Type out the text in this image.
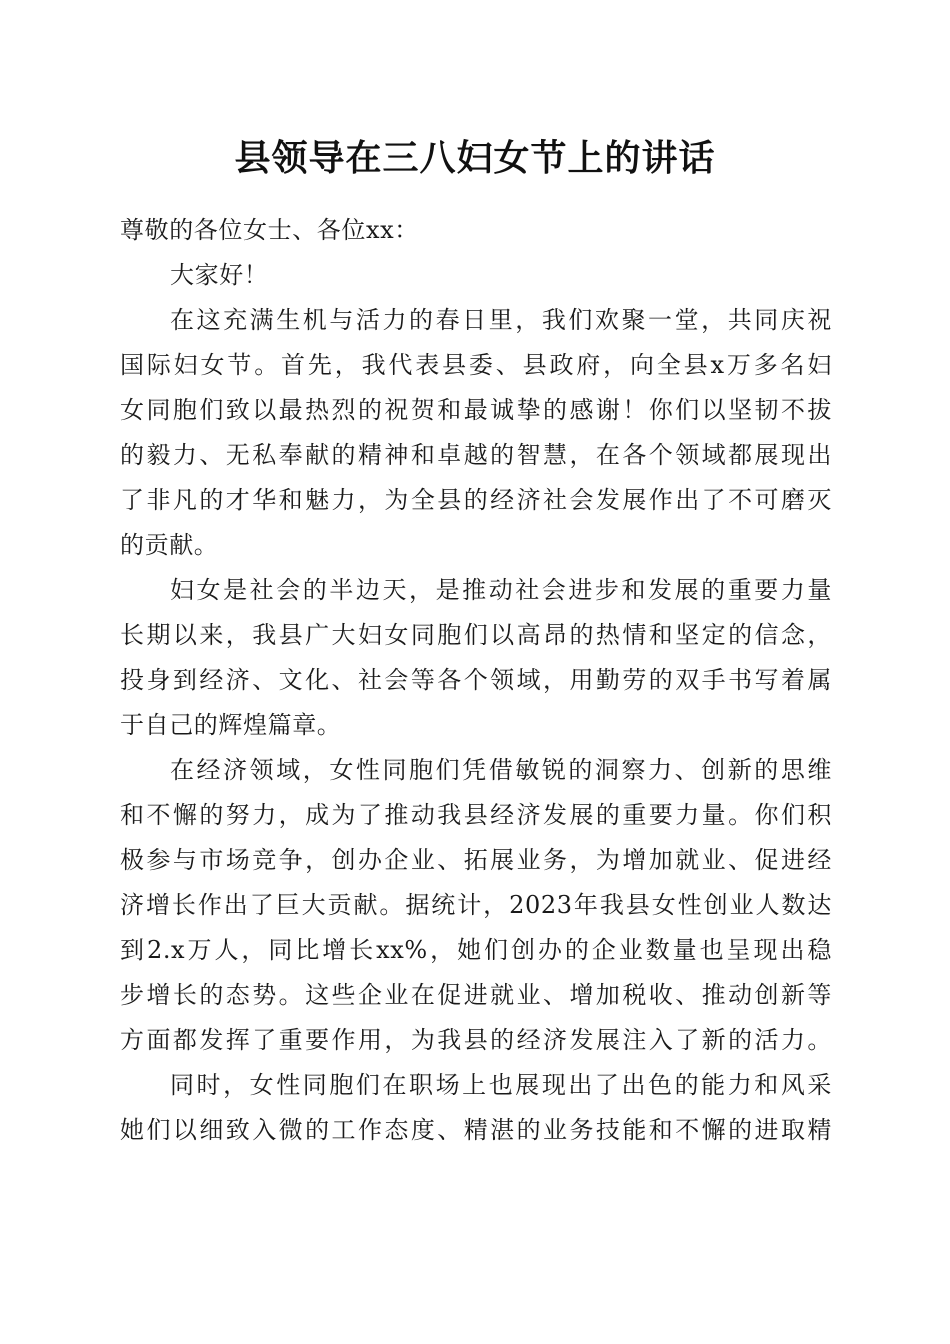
县领导在三八妇女节上的讲话
尊敬的各位女士、各位xx：
大家好！
在这充满生机与活力的春日里，我们欢聚一堂，共同庆祝
国际妇女节。首先，我代表县委、县政府，向全县x万多名妇
女同胞们致以最热烈的祝贺和最诚挚的感谢！你们以坚韧不拔
的毅力、无私奉献的精神和卓越的智慧，在各个领域都展现出
了非凡的才华和魅力，为全县的经济社会发展作出了不可磨灭
的贡献。
妇女是社会的半边天，是推动社会进步和发展的重要力量
长期以来，我县广大妇女同胞们以高昂的热情和坚定的信念，
投身到经济、文化、社会等各个领域，用勤劳的双手书写着属
于自己的辉煌篇章。
在经济领域，女性同胞们凭借敏锐的洞察力、创新的思维
和不懈的努力，成为了推动我县经济发展的重要力量。你们积
极参与市场竞争，创办企业、拓展业务，为增加就业、促进经
济增长作出了巨大贡献。据统计，2023年我县女性创业人数达
到2.x万人，同比增长xx%，她们创办的企业数量也呈现出稳
步增长的态势。这些企业在促进就业、增加税收、推动创新等
方面都发挥了重要作用，为我县的经济发展注入了新的活力。
同时，女性同胞们在职场上也展现出了出色的能力和风采
她们以细致入微的工作态度、精湛的业务技能和不懈的进取精
